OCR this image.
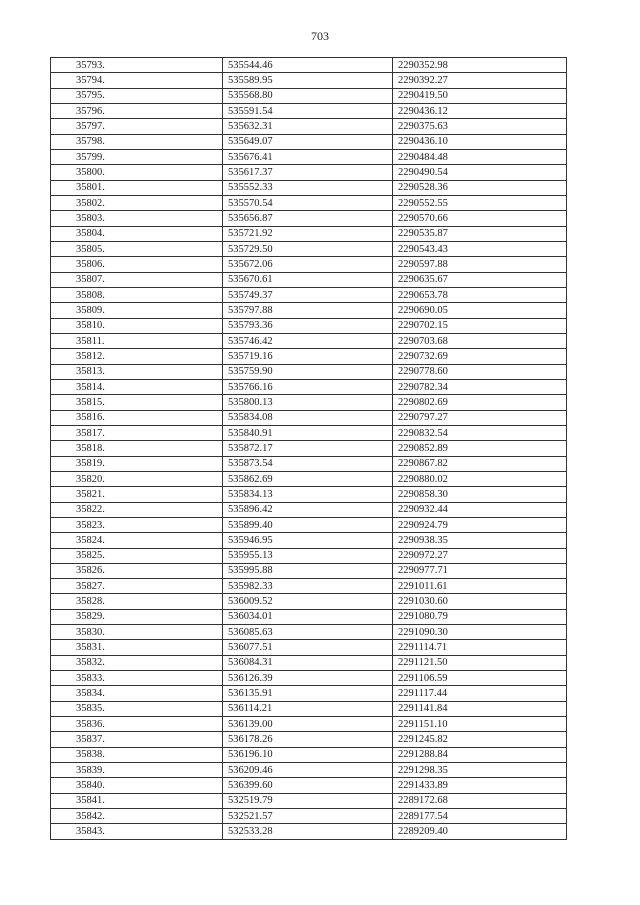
703
35793.	535544.46	2290352.98
35794.	535589.95	2290392.27
35795.	535568.80	2290419.50
35796.	535591.54	2290436.12
35797.	535632.31	2290375.63
35798.	535649.07	2290436.10
35799.	535676.41	2290484.48
35800.	535617.37	2290490.54
35801.	535552.33	2290528.36
35802.	535570.54	2290552.55
35803.	535656.87	2290570.66
35804.	535721.92	2290535.87
35805.	535729.50	2290543.43
35806.	535672.06	2290597.88
35807.	535670.61	2290635.67
35808.	535749.37	2290653.78
35809.	535797.88	2290690.05
35810.	535793.36	2290702.15
35811.	535746.42	2290703.68
35812.	535719.16	2290732.69
35813.	535759.90	2290778.60
35814.	535766.16	2290782.34
35815.	535800.13	2290802.69
35816.	535834.08	2290797.27
35817.	535840.91	2290832.54
35818.	535872.17	2290852.89
35819.	535873.54	2290867.82
35820.	535862.69	2290880.02
35821.	535834.13	2290858.30
35822.	535896.42	2290932.44
35823.	535899.40	2290924.79
35824.	535946.95	2290938.35
35825.	535955.13	2290972.27
35826.	535995.88	2290977.71
35827.	535982.33	2291011.61
35828.	536009.52	2291030.60
35829.	536034.01	2291080.79
35830.	536085.63	2291090.30
35831.	536077.51	2291114.71
35832.	536084.31	2291121.50
35833.	536126.39	2291106.59
35834.	536135.91	2291117.44
35835.	536114.21	2291141.84
35836.	536139.00	2291151.10
35837.	536178.26	2291245.82
35838.	536196.10	2291288.84
35839.	536209.46	2291298.35
35840.	536399.60	2291433.89
35841.	532519.79	2289172.68
35842.	532521.57	2289177.54
35843.	532533.28	2289209.40
